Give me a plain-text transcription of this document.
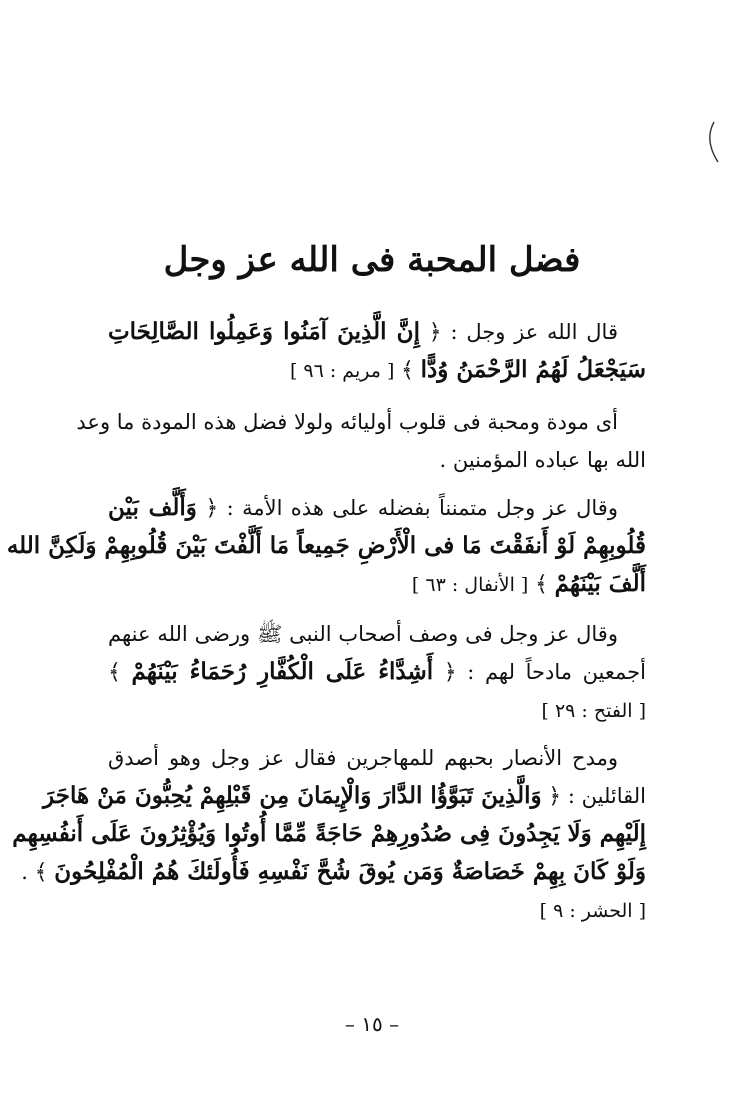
فضل المحبة فى الله عز وجل
قال الله عز وجل : ﴿ إِنَّ الَّذِينَ آمَنُوا وَعَمِلُوا الصَّالِحَاتِ
سَيَجْعَلُ لَهُمُ الرَّحْمَنُ وُدًّا ﴾ [ مريم : ٩٦ ]
أى مودة ومحبة فى قلوب أوليائه ولولا فضل هذه المودة ما وعد
الله بها عباده المؤمنين .
وقال عز وجل متمنناً بفضله على هذه الأمة : ﴿ وَأَلَّف بَيْن
قُلُوبِهِمْ لَوْ أَنفَقْتَ مَا فى الْأَرْضِ جَمِيعاً مَا أَلَّفْتَ بَيْنَ قُلُوبِهِمْ وَلَكِنَّ الله
أَلَّفَ بَيْنَهُمْ ﴾ [ الأنفال : ٦٣ ]
وقال عز وجل فى وصف أصحاب النبى ﷺ ورضى الله عنهم
أجمعين مادحاً لهم : ﴿ أَشِدَّاءُ عَلَى الْكُفَّارِ رُحَمَاءُ بَيْنَهُمْ ﴾
[ الفتح : ٢٩ ]
ومدح الأنصار بحبهم للمهاجرين فقال عز وجل وهو أصدق
القائلين : ﴿ وَالَّذِينَ تَبَوَّؤُا الدَّارَ وَالْإِيمَانَ مِن قَبْلِهِمْ يُحِبُّونَ مَنْ هَاجَرَ
إِلَيْهِم وَلَا يَجِدُونَ فِى صُدُورِهِمْ حَاجَةً مِّمَّا أُوتُوا وَيُؤْثِرُونَ عَلَى أَنفُسِهِم
وَلَوْ كَانَ بِهِمْ خَصَاصَةٌ وَمَن يُوقَ شُحَّ نَفْسِهِ فَأُولَئكَ هُمُ الْمُفْلِحُونَ ﴾ .
[ الحشر : ٩ ]
– ١٥ –
